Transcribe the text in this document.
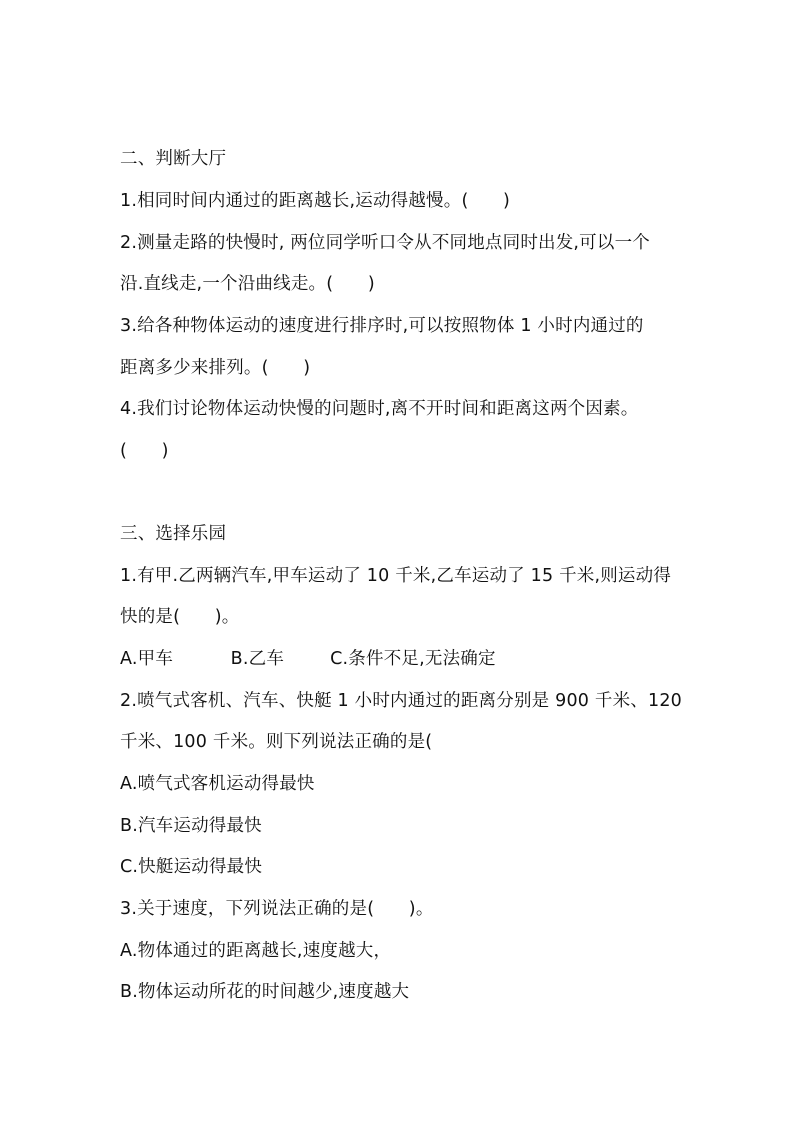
二、判断大厅
1.相同时间内通过的距离越长,运动得越慢。(      )
2.测量走路的快慢时, 两位同学听口令从不同地点同时出发,可以一个
沿.直线走,一个沿曲线走。(      )
3.给各种物体运动的速度进行排序时,可以按照物体 1 小时内通过的
距离多少来排列。(      )
4.我们讨论物体运动快慢的问题时,离不开时间和距离这两个因素。
(      )
三、选择乐园
1.有甲.乙两辆汽车,甲车运动了 10 千米,乙车运动了 15 千米,则运动得
快的是(      )。
A.甲车          B.乙车        C.条件不足,无法确定
2.喷气式客机、汽车、快艇 1 小时内通过的距离分别是 900 千米、120
千米、100 千米。则下列说法正确的是(
A.喷气式客机运动得最快
B.汽车运动得最快
C.快艇运动得最快
3.关于速度，下列说法正确的是(      )。
A.物体通过的距离越长,速度越大，
B.物体运动所花的时间越少,速度越大
